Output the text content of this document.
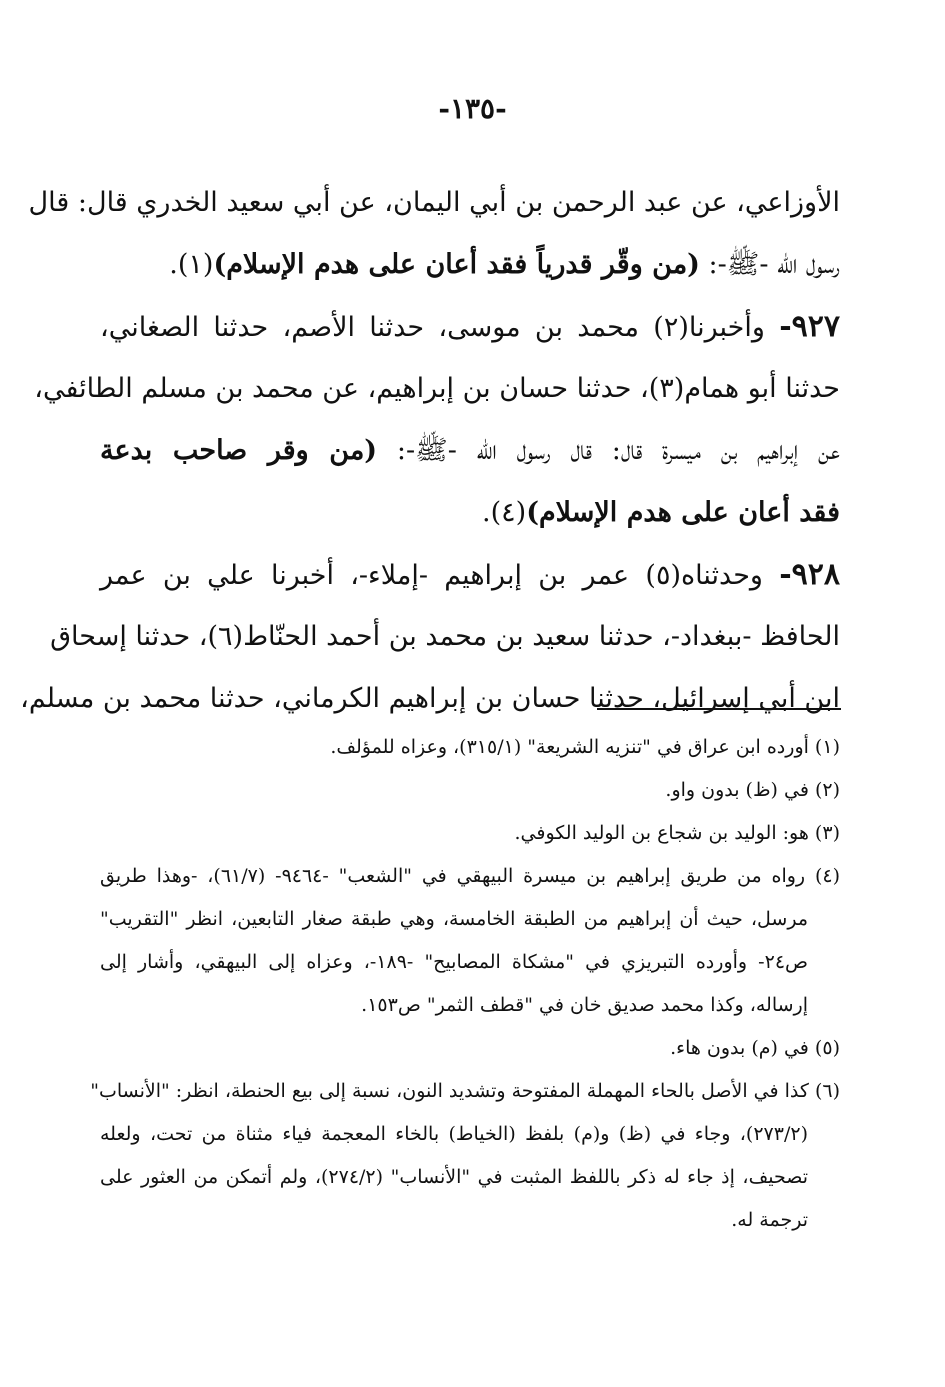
-١٣٥-
الأوزاعي، عن عبد الرحمن بن أبي اليمان، عن أبي سعيد الخدري قال: قال
رسول اللّه -ﷺ-: (من وقّر قدرياً فقد أعان على هدم الإسلام)(١).
٩٢٧- وأخبرنا(٢) محمد بن موسى، حدثنا الأصم، حدثنا الصغاني،
حدثنا أبو همام(٣)، حدثنا حسان بن إبراهيم، عن محمد بن مسلم الطائفي،
عن إبراهيم بن ميسرة قال: قال رسول اللّه -ﷺ-: (من وقر صاحب بدعة
فقد أعان على هدم الإسلام)(٤).
٩٢٨- وحدثناه(٥) عمر بن إبراهيم -إملاء-، أخبرنا علي بن عمر
الحافظ -ببغداد-، حدثنا سعيد بن محمد بن أحمد الحنّاط(٦)، حدثنا إسحاق
ابن أبي إسرائيل، حدثنا حسان بن إبراهيم الكرماني، حدثنا محمد بن مسلم،
(١) أورده ابن عراق في "تنزيه الشريعة" (٣١٥/١)، وعزاه للمؤلف.
(٢) في (ظ) بدون واو.
(٣) هو: الوليد بن شجاع بن الوليد الكوفي.
(٤) رواه من طريق إبراهيم بن ميسرة البيهقي في "الشعب" -٩٤٦٤- (٦١/٧)، -وهذا طريق
مرسل، حيث أن إبراهيم من الطبقة الخامسة، وهي طبقة صغار التابعين، انظر "التقريب"
ص٢٤- وأورده التبريزي في "مشكاة المصابيح" -١٨٩-، وعزاه إلى البيهقي، وأشار إلى
إرساله، وكذا محمد صديق خان في "قطف الثمر" ص١٥٣.
(٥) في (م) بدون هاء.
(٦) كذا في الأصل بالحاء المهملة المفتوحة وتشديد النون، نسبة إلى بيع الحنطة، انظر: "الأنساب"
(٢٧٣/٢)، وجاء في (ظ) و(م) بلفظ (الخياط) بالخاء المعجمة فياء مثناة من تحت، ولعله
تصحيف، إذ جاء له ذكر باللفظ المثبت في "الأنساب" (٢٧٤/٢)، ولم أتمكن من العثور على
ترجمة له.
